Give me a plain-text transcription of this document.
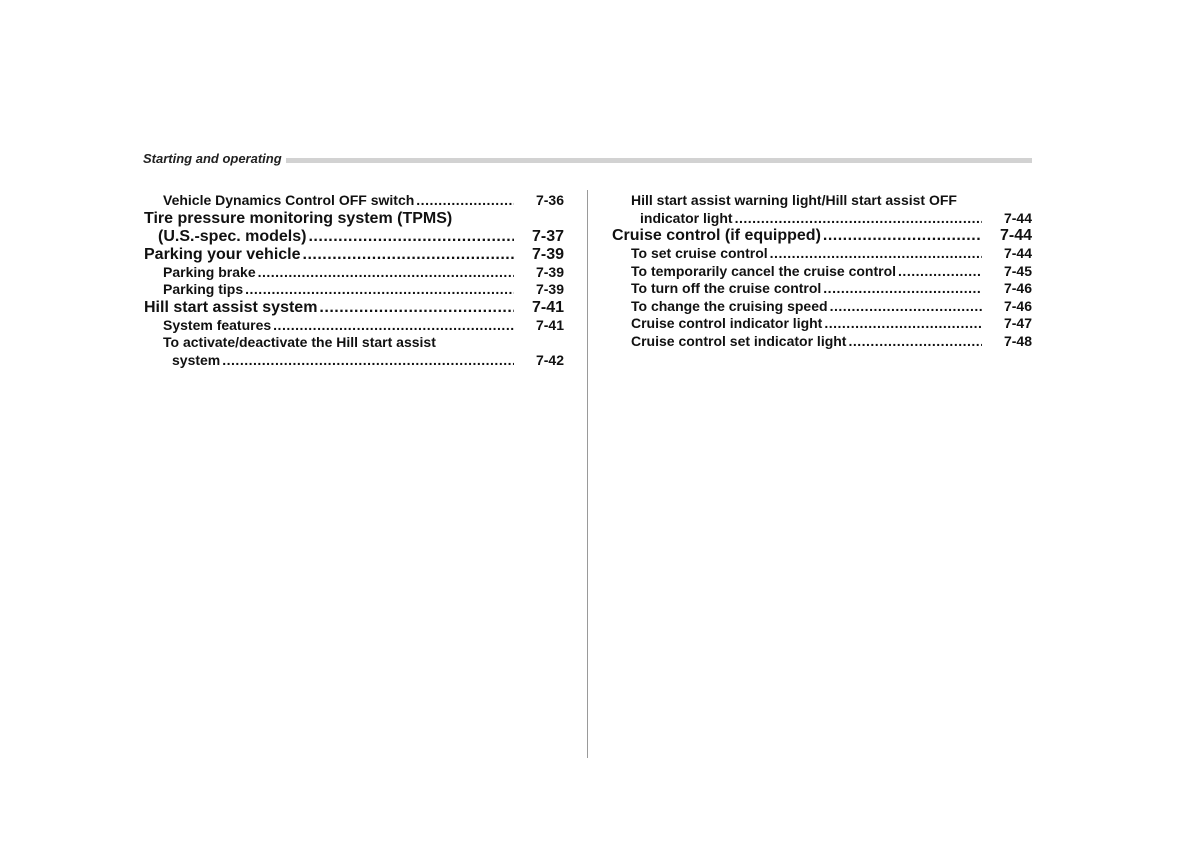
Starting and operating
Vehicle Dynamics Control OFF switch .....	7-36
Tire pressure monitoring system (TPMS)
(U.S.-spec. models) .....	7-37
Parking your vehicle .....	7-39
Parking brake .....	7-39
Parking tips .....	7-39
Hill start assist system .....	7-41
System features .....	7-41
To activate/deactivate the Hill start assist
system .....	7-42
Hill start assist warning light/Hill start assist OFF
indicator light .....	7-44
Cruise control (if equipped) .....	7-44
To set cruise control .....	7-44
To temporarily cancel the cruise control .....	7-45
To turn off the cruise control .....	7-46
To change the cruising speed .....	7-46
Cruise control indicator light .....	7-47
Cruise control set indicator light .....	7-48
